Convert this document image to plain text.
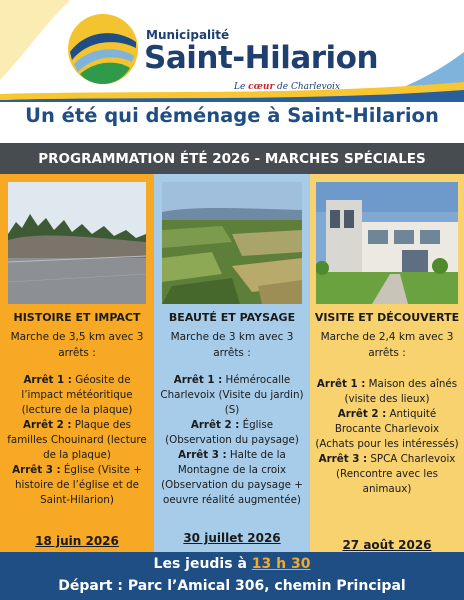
Municipalité
Saint-Hilarion
Le cœur de Charlevoix
Un été qui déménage à Saint-Hilarion
PROGRAMMATION ÉTÉ 2026 - MARCHES SPÉCIALES
HISTOIRE ET IMPACT
Marche de 3,5 km avec 3 arrêts :
Arrêt 1 : Géosite de l’impact météoritique (lecture de la plaque)
Arrêt 2 : Plaque des familles Chouinard (lecture de la plaque)
Arrêt 3 : Église (Visite + histoire de l’église et de Saint-Hilarion)
18 juin 2026
BEAUTÉ ET PAYSAGE
Marche de 3 km avec 3 arrêts :
Arrêt 1 : Hémérocalle Charlevoix (Visite du jardin) (S)
Arrêt 2 : Église (Observation du paysage)
Arrêt 3 : Halte de la Montagne de la croix (Observation du paysage + oeuvre réalité augmentée)
30 juillet 2026
VISITE ET DÉCOUVERTE
Marche de 2,4 km avec 3 arrêts :
Arrêt 1 : Maison des aînés (visite des lieux)
Arrêt 2 : Antiquité Brocante Charlevoix (Achats pour les intéressés)
Arrêt 3 : SPCA Charlevoix (Rencontre avec les animaux)
27 août 2026
Les jeudis à 13 h 30
Départ : Parc l’Amical 306, chemin Principal
